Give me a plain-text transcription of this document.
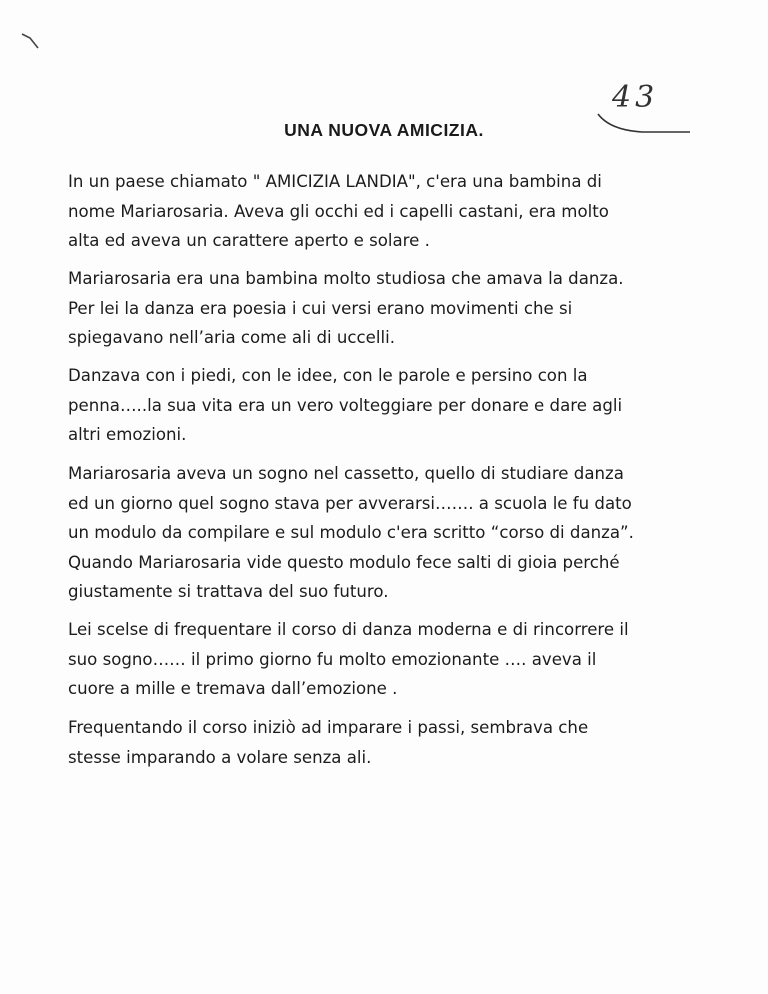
43
UNA NUOVA AMICIZIA.

In un paese chiamato " AMICIZIA LANDIA", c'era una bambina di
nome Mariarosaria. Aveva gli occhi ed i capelli castani, era molto
alta ed aveva un carattere aperto e solare .

Mariarosaria era una bambina molto studiosa che amava la danza.
Per lei la danza era poesia i cui versi erano movimenti che si
spiegavano nell’aria come ali di uccelli.

Danzava con i piedi, con le idee, con le parole e persino con la
penna…..la sua vita era un vero volteggiare per donare e dare agli
altri emozioni.

Mariarosaria aveva un sogno nel cassetto, quello di studiare danza
ed un giorno quel sogno stava per avverarsi……. a scuola le fu dato
un modulo da compilare e sul modulo c'era scritto “corso di danza”.
Quando Mariarosaria vide questo modulo fece salti di gioia perché
giustamente si trattava del suo futuro.

Lei scelse di frequentare il corso di danza moderna e di rincorrere il
suo sogno…… il primo giorno fu molto emozionante …. aveva il
cuore a mille e tremava dall’emozione .

Frequentando il corso iniziò ad imparare i passi, sembrava che
stesse imparando a volare senza ali.
